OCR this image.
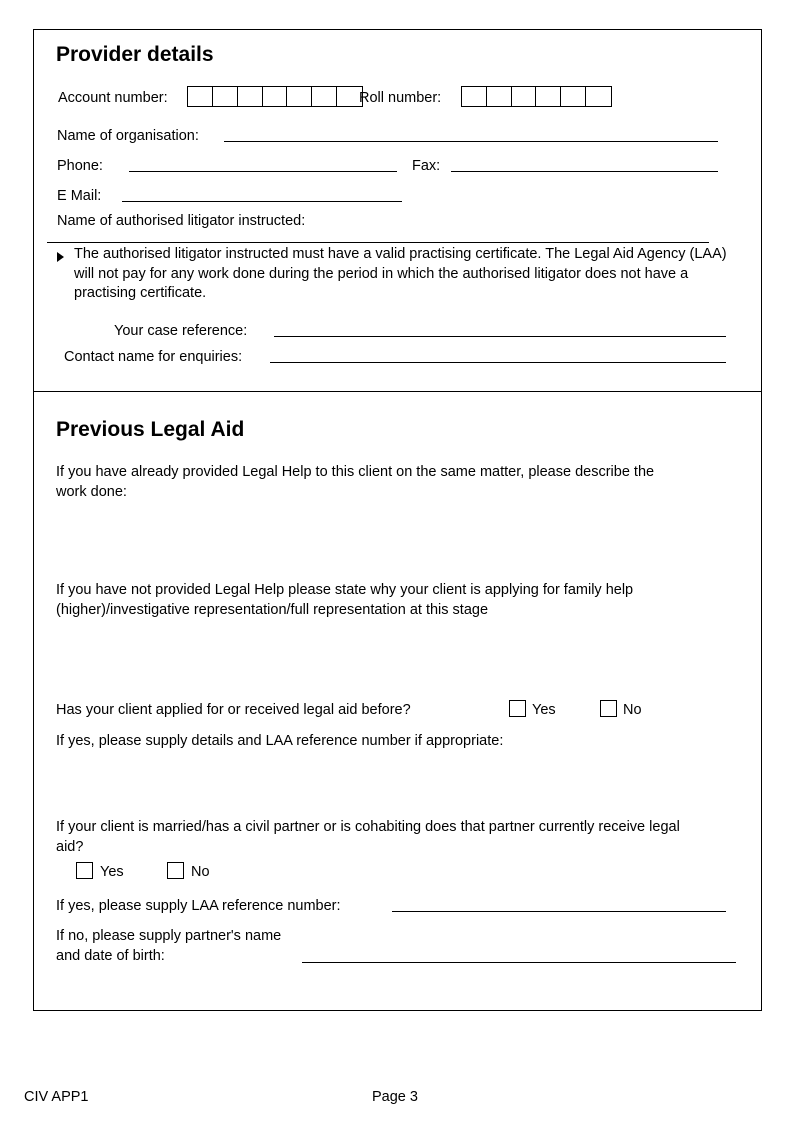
Provider details
Account number:	Roll number:
Name of organisation:
Phone:	Fax:
E Mail:
Name of authorised litigator instructed:
The authorised litigator instructed must have a valid practising certificate. The Legal Aid Agency (LAA) will not pay for any work done during the period in which the authorised litigator does not have a practising certificate.
Your case reference:
Contact name for enquiries:
Previous Legal Aid
If you have already provided Legal Help to this client on the same matter, please describe the work done:
If you have not provided Legal Help please state why your client is applying for family help (higher)/investigative representation/full representation at this stage
Has your client applied for or received legal aid before?	Yes	No
If yes, please supply details and LAA reference number if appropriate:
If your client is married/has a civil partner or is cohabiting does that partner currently receive legal aid?
Yes	No
If yes, please supply LAA reference number:
If no, please supply partner's name
and date of birth:
CIV APP1	Page 3
